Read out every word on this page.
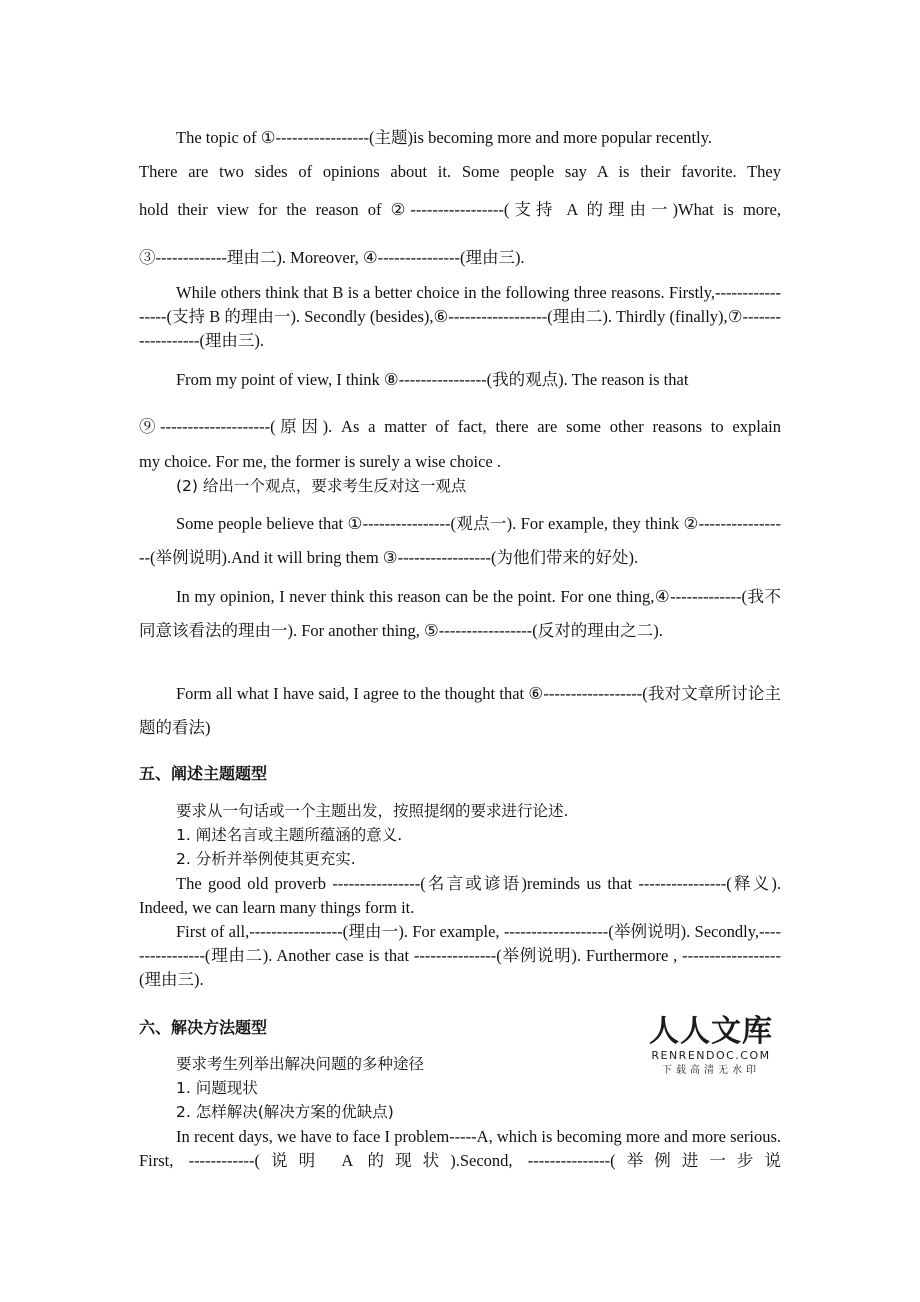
The topic of ①-----------------(主题)is becoming more and more popular recently.

There are two sides of opinions about it. Some people say A is their favorite. They

hold their view for the reason of ②-----------------(支持 A 的理由一)What is more,

③-------------理由二). Moreover, ④---------------(理由三).

While others think that B is a better choice in the following three reasons. Firstly,-----------------(支持 B 的理由一). Secondly (besides),⑥------------------(理由二). Thirdly (finally),⑦------------------(理由三).

From my point of view, I think ⑧----------------(我的观点). The reason is that

⑨--------------------(原因). As a matter of fact, there are some other reasons to explain

my choice. For me, the former is surely a wise choice .

(2) 给出一个观点，要求考生反对这一观点

Some people believe that ①----------------(观点一). For example, they think ②-----------------(举例说明).And it will bring them ③-----------------(为他们带来的好处).

In my opinion, I never think this reason can be the point. For one thing,④-------------(我不同意该看法的理由一). For another thing, ⑤-----------------(反对的理由之二).

Form all what I have said, I agree to the thought that ⑥------------------(我对文章所讨论主题的看法)

五、阐述主题题型

要求从一句话或一个主题出发，按照提纲的要求进行论述.

1. 阐述名言或主题所蕴涵的意义.

2. 分析并举例使其更充实.

The good old proverb ----------------(名言或谚语)reminds us that ----------------(释义). Indeed, we can learn many things form it.

First of all,-----------------(理由一). For example, -------------------(举例说明). Secondly,----------------(理由二). Another case is that ---------------(举例说明). Furthermore , ------------------(理由三).

六、解决方法题型

要求考生列举出解决问题的多种途径

1. 问题现状

2. 怎样解决(解决方案的优缺点)

In recent days, we have to face I problem-----A, which is becoming more and more serious. First, ------------(说明 A 的现状).Second, ---------------(举例进一步说

人人文库
RENRENDOC.COM
下载高清无水印
